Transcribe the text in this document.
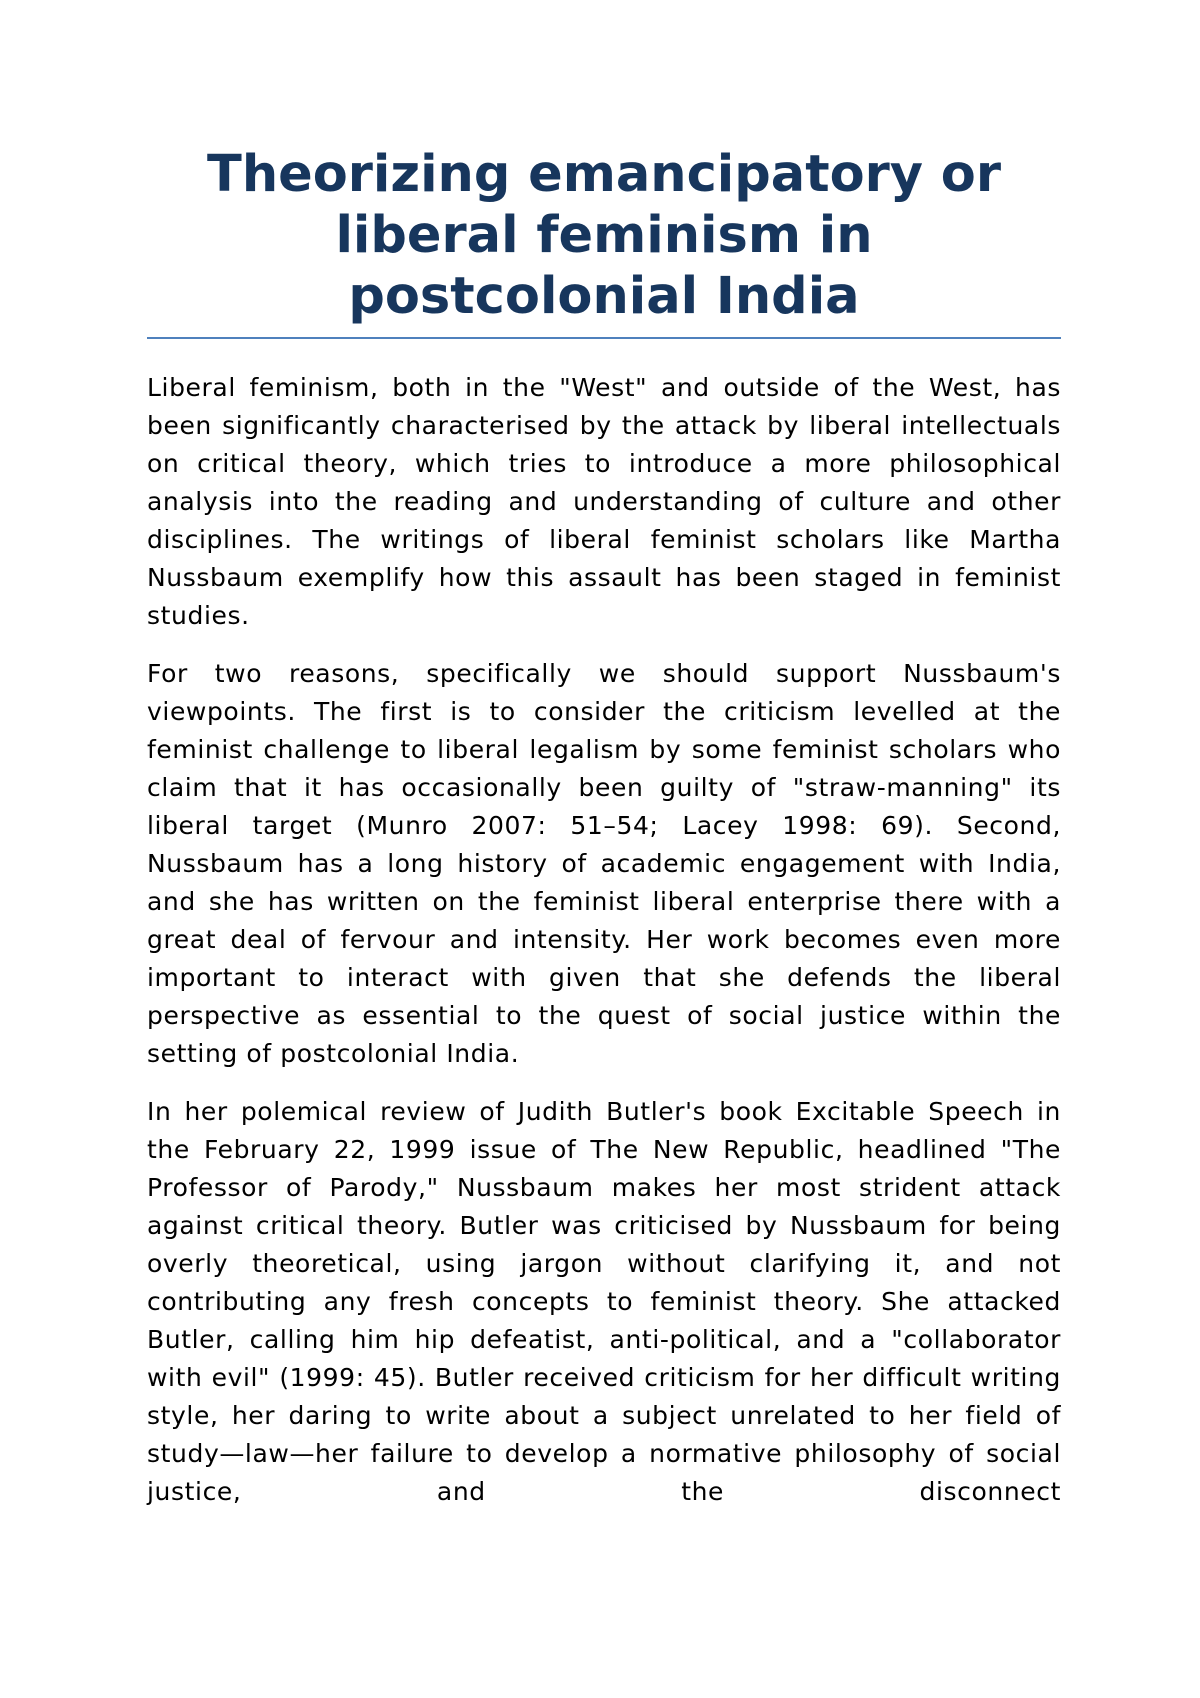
Theorizing emancipatory or
liberal feminism in
postcolonial India

Liberal feminism, both in the "West" and outside of the West, has been significantly characterised by the attack by liberal intellectuals on critical theory, which tries to introduce a more philosophical analysis into the reading and understanding of culture and other disciplines. The writings of liberal feminist scholars like Martha Nussbaum exemplify how this assault has been staged in feminist studies.

For two reasons, specifically we should support Nussbaum's viewpoints. The first is to consider the criticism levelled at the feminist challenge to liberal legalism by some feminist scholars who claim that it has occasionally been guilty of "straw-manning" its liberal target (Munro 2007: 51–54; Lacey 1998: 69). Second, Nussbaum has a long history of academic engagement with India, and she has written on the feminist liberal enterprise there with a great deal of fervour and intensity. Her work becomes even more important to interact with given that she defends the liberal perspective as essential to the quest of social justice within the setting of postcolonial India.

In her polemical review of Judith Butler's book Excitable Speech in the February 22, 1999 issue of The New Republic, headlined "The Professor of Parody," Nussbaum makes her most strident attack against critical theory. Butler was criticised by Nussbaum for being overly theoretical, using jargon without clarifying it, and not contributing any fresh concepts to feminist theory. She attacked Butler, calling him hip defeatist, anti-political, and a "collaborator with evil" (1999: 45). Butler received criticism for her difficult writing style, her daring to write about a subject unrelated to her field of study—law—her failure to develop a normative philosophy of social justice, and the disconnect
